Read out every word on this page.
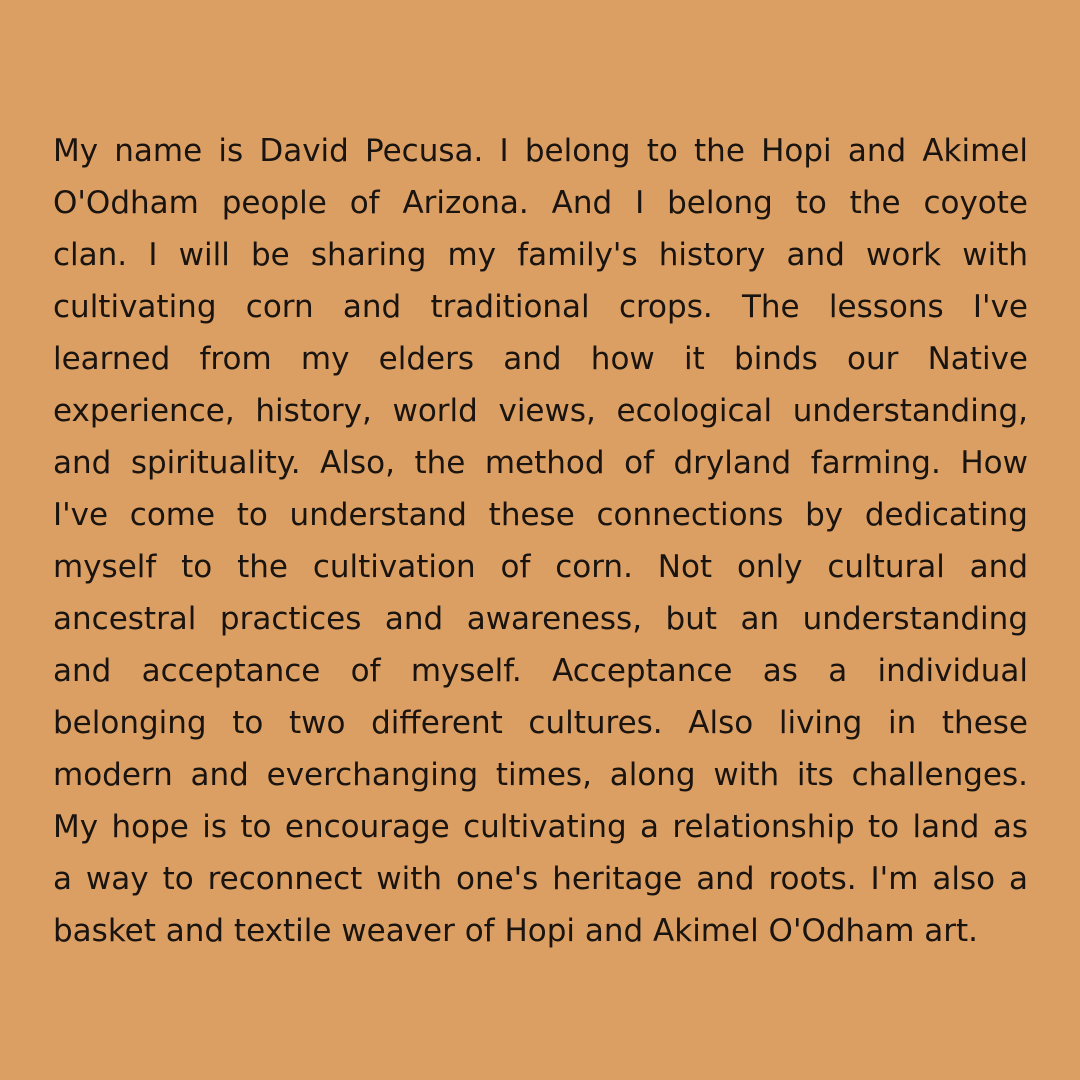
My name is David Pecusa. I belong to the Hopi and Akimel
O'Odham people of Arizona. And I belong to the coyote
clan. I will be sharing my family's history and work with
cultivating corn and traditional crops. The lessons I've
learned from my elders and how it binds our Native
experience, history, world views, ecological understanding,
and spirituality. Also, the method of dryland farming. How
I've come to understand these connections by dedicating
myself to the cultivation of corn. Not only cultural and
ancestral practices and awareness, but an understanding
and acceptance of myself. Acceptance as a individual
belonging to two different cultures. Also living in these
modern and everchanging times, along with its challenges.
My hope is to encourage cultivating a relationship to land as
a way to reconnect with one's heritage and roots. I'm also a
basket and textile weaver of Hopi and Akimel O'Odham art.
